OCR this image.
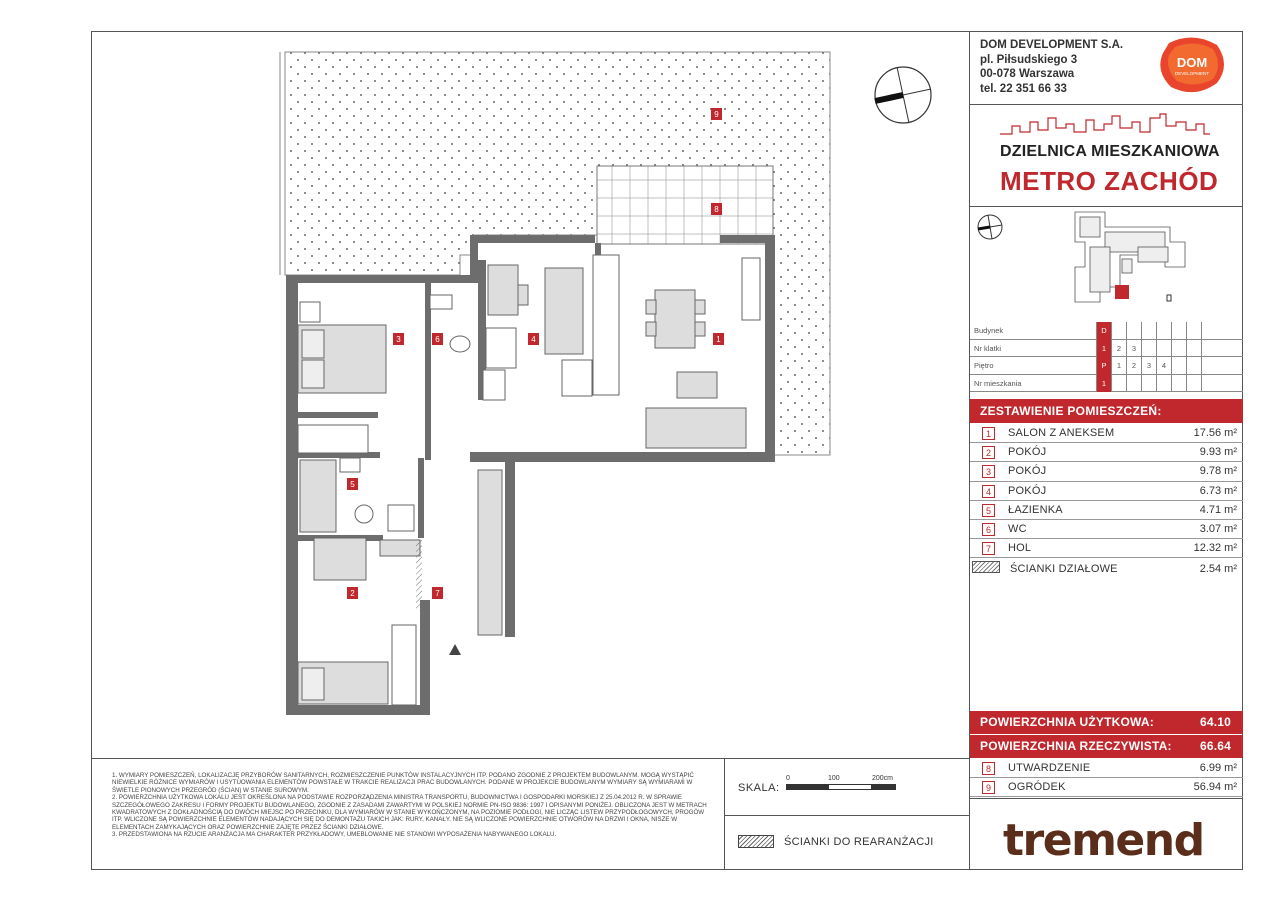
1
2
3	4
5
6
7
8
9

1. WYMIARY POMIESZCZEŃ, LOKALIZACJĘ PRZYBORÓW SANITARNYCH, ROZMIESZCZENIE PUNKTÓW INSTALACYJNYCH ITP. PODANO ZGODNIE Z PROJEKTEM BUDOWLANYM. MOGĄ WYSTĄPIĆ NIEWIELKIE RÓŻNICE WYMIARÓW I USYTUOWANIA ELEMENTÓW POWSTAŁE W TRAKCIE REALIZACJI PRAC BUDOWLANYCH. PODANE W PROJEKCIE BUDOWLANYM WYMIARY SĄ WYMIARAMI W ŚWIETLE PIONOWYCH PRZEGRÓD (ŚCIAN) W STANIE SUROWYM.

2. POWIERZCHNIA UŻYTKOWA LOKALU JEST OKREŚLONA NA PODSTAWIE ROZPORZĄDZENIA MINISTRA TRANSPORTU, BUDOWNICTWA I GOSPODARKI MORSKIEJ Z 25.04.2012 R. W SPRAWIE SZCZEGÓŁOWEGO ZAKRESU I FORMY PROJEKTU BUDOWLANEGO, ZGODNIE Z ZASADAMI ZAWARTYMI W POLSKIEJ NORMIE PN-ISO 9836: 1997 I OPISANYMI PONIŻEJ. OBLICZONA JEST W METRACH KWADRATOWYCH Z DOKŁADNOŚCIĄ DO DWÓCH MIEJSC PO PRZECINKU, DLA WYMIARÓW W STANIE WYKOŃCZONYM, NA POZIOMIE PODŁOGI, NIE LICZĄC LISTEW PRZYPODŁOGOWYCH, PROGÓW ITP. WLICZONE SĄ POWIERZCHNIE ELEMENTÓW NADAJĄCYCH SIĘ DO DEMONTAŻU TAKICH JAK: RURY, KANAŁY. NIE SĄ WLICZONE POWIERZCHNIE OTWORÓW NA DRZWI I OKNA, NISZE W ELEMENTACH ZAMYKAJĄCYCH ORAZ POWIERZCHNIE ZAJĘTE PRZEZ ŚCIANKI DZIAŁOWE.

3. PRZEDSTAWIONA NA RZUCIE ARANŻACJA MA CHARAKTER PRZYKŁADOWY, UMEBLOWANIE NIE STANOWI WYPOSAŻENIA NABYWANEGO LOKALU.

SKALA:
0	100	200cm
ŚCIANKI DO REARANŻACJI
DOM DEVELOPMENT S.A.
pl. Piłsudskiego 3
00-078 Warszawa
tel. 22 351 66 33
DOM
DEVELOPMENT
DZIELNICA MIESZKANIOWA
METRO ZACHÓD
Budynek	D
Nr klatki	1	2	3
Piętro	P	1	2	3	4
Nr mieszkania	1
ZESTAWIENIE POMIESZCZEŃ:
1	SALON Z ANEKSEM	17.56 m²
2	POKÓJ	9.93 m²
3	POKÓJ	9.78 m²
4	POKÓJ	6.73 m²
5	ŁAZIENKA	4.71 m²
6	WC	3.07 m²
7	HOL	12.32 m²
ŚCIANKI DZIAŁOWE	2.54 m²
POWIERZCHNIA UŻYTKOWA:	64.10
POWIERZCHNIA RZECZYWISTA: 66.64
8	UTWARDZENIE	6.99 m²
9	OGRÓDEK	56.94 m²
tremend
